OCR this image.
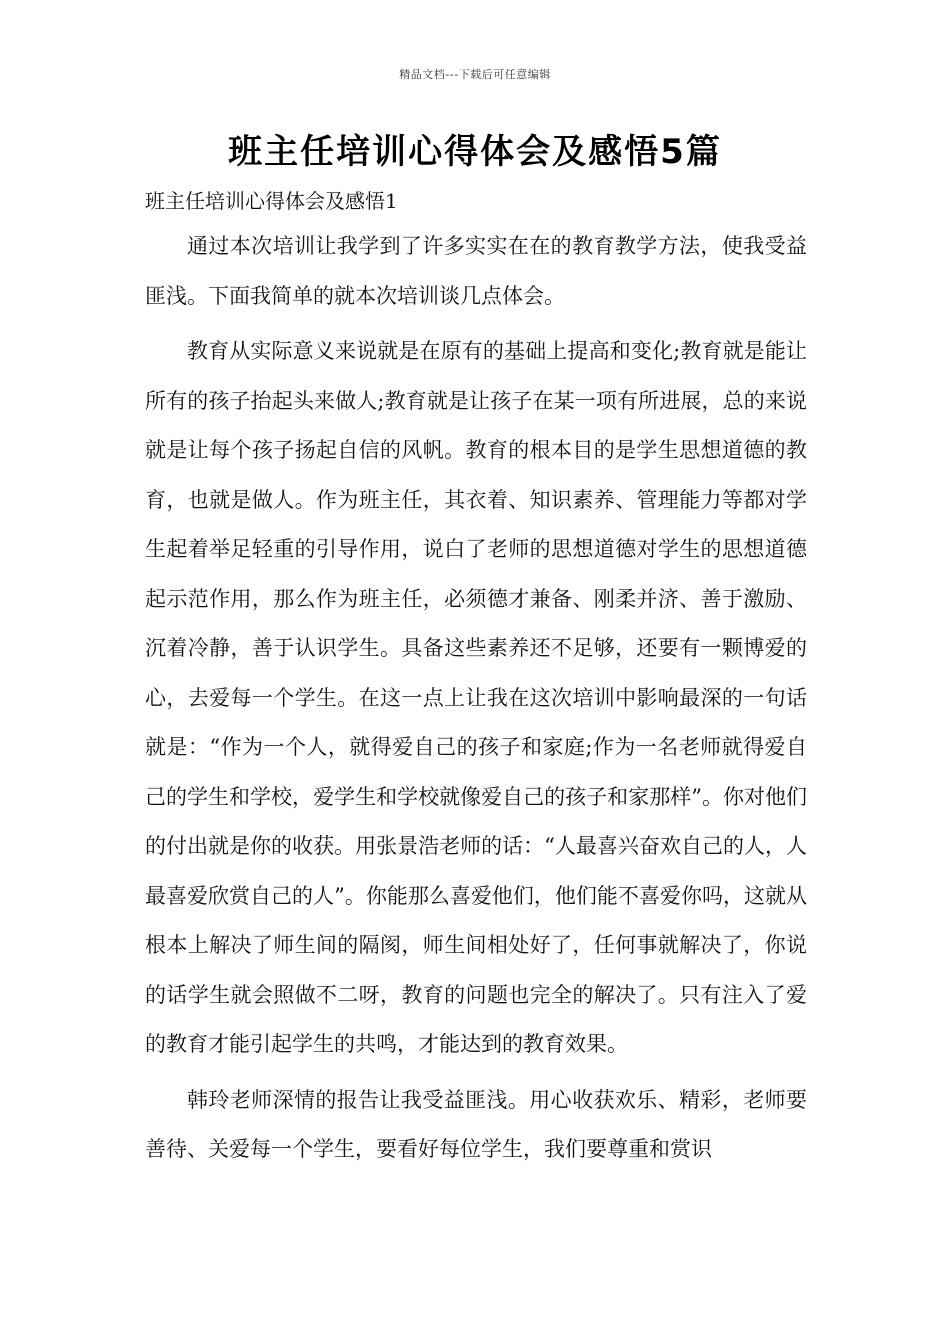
精品文档---下载后可任意编辑
班主任培训心得体会及感悟5篇

班主任培训心得体会及感悟1

通过本次培训让我学到了许多实实在在的教育教学方法，使我受益匪浅。下面我简单的就本次培训谈几点体会。

教育从实际意义来说就是在原有的基础上提高和变化;教育就是能让所有的孩子抬起头来做人;教育就是让孩子在某一项有所进展，总的来说就是让每个孩子扬起自信的风帆。教育的根本目的是学生思想道德的教育，也就是做人。作为班主任，其衣着、知识素养、管理能力等都对学生起着举足轻重的引导作用，说白了老师的思想道德对学生的思想道德起示范作用，那么作为班主任，必须德才兼备、刚柔并济、善于激励、沉着冷静，善于认识学生。具备这些素养还不足够，还要有一颗博爱的心，去爱每一个学生。在这一点上让我在这次培训中影响最深的一句话就是：“作为一个人，就得爱自己的孩子和家庭;作为一名老师就得爱自己的学生和学校，爱学生和学校就像爱自己的孩子和家那样”。你对他们的付出就是你的收获。用张景浩老师的话：“人最喜兴奋欢自己的人，人最喜爱欣赏自己的人”。你能那么喜爱他们，他们能不喜爱你吗，这就从根本上解决了师生间的隔阂，师生间相处好了，任何事就解决了，你说的话学生就会照做不二呀，教育的问题也完全的解决了。只有注入了爱的教育才能引起学生的共鸣，才能达到的教育效果。

韩玲老师深情的报告让我受益匪浅。用心收获欢乐、精彩，老师要善待、关爱每一个学生，要看好每位学生，我们要尊重和赏识
